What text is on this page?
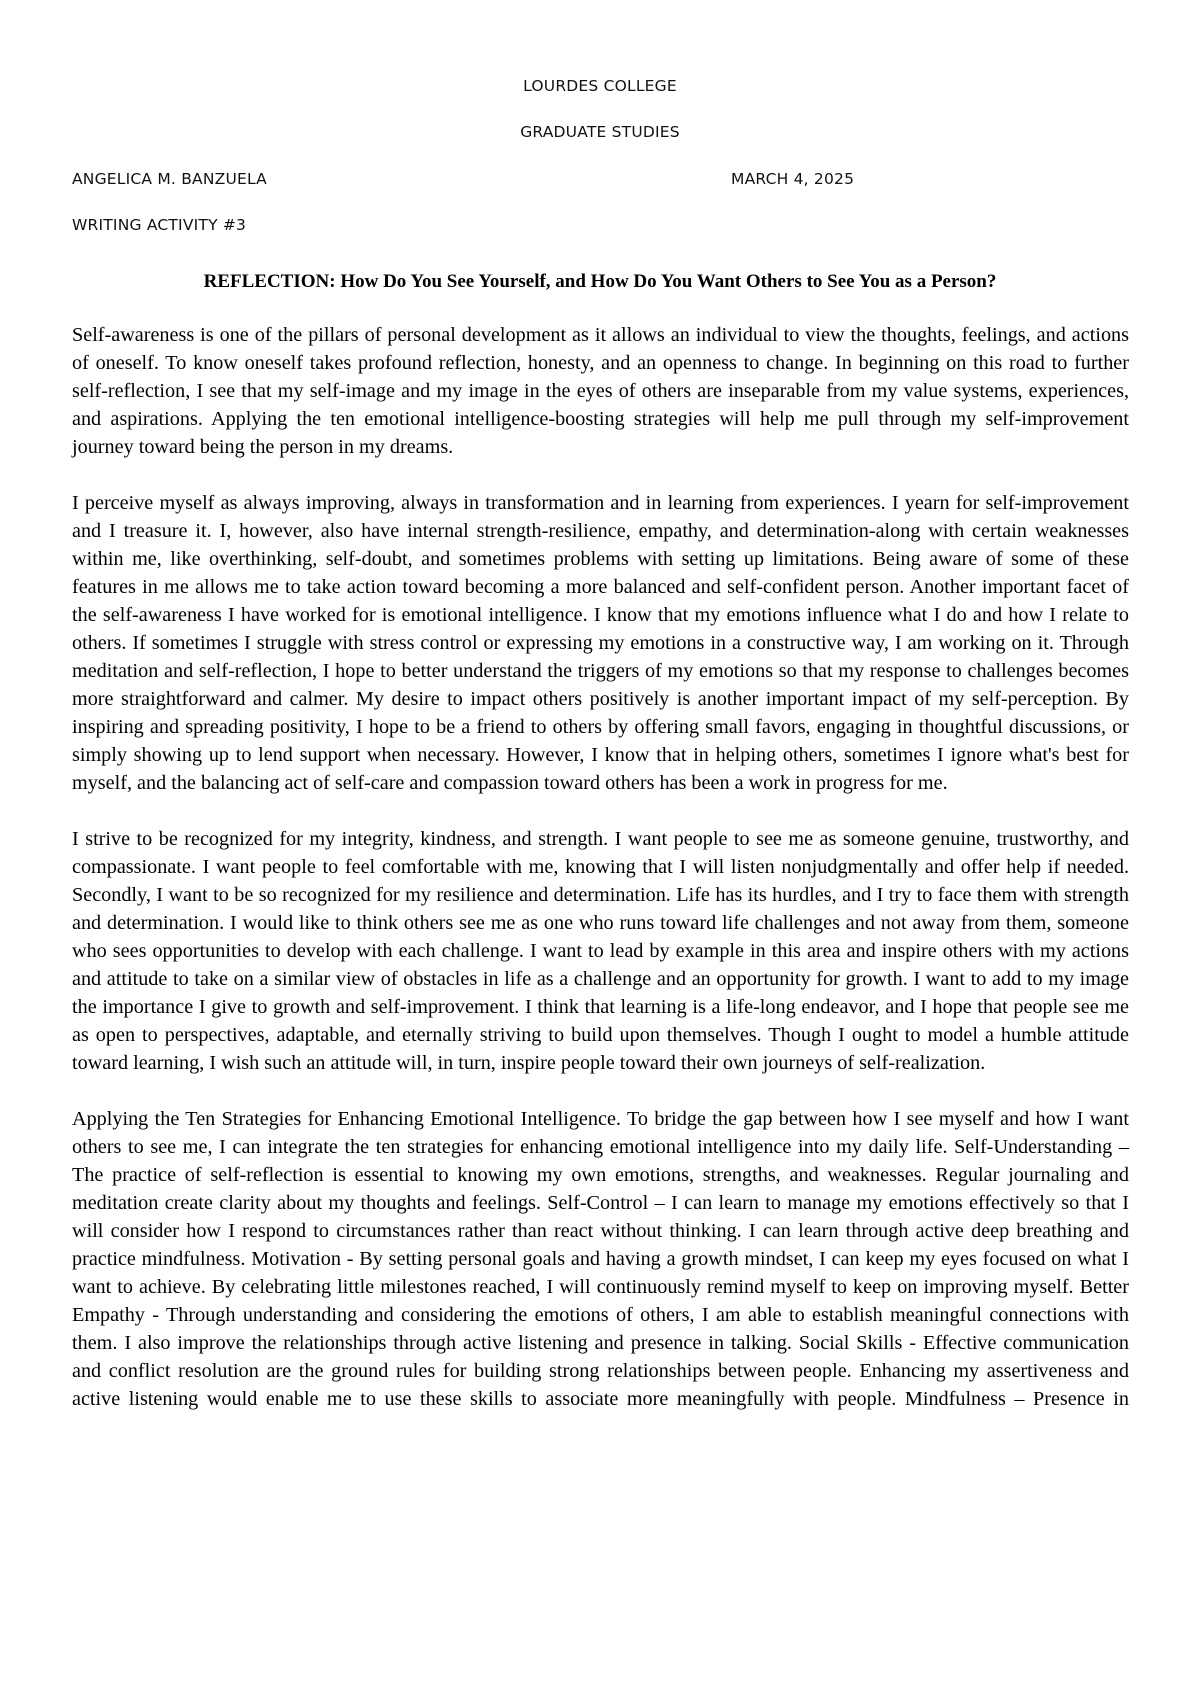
LOURDES COLLEGE
GRADUATE STUDIES
ANGELICA M. BANZUELA	MARCH 4, 2025
WRITING ACTIVITY #3
REFLECTION: How Do You See Yourself, and How Do You Want Others to See You as a Person?

Self-awareness is one of the pillars of personal development as it allows an individual to view the thoughts, feelings, and actions of oneself. To know oneself takes profound reflection, honesty, and an openness to change. In beginning on this road to further self-reflection, I see that my self-image and my image in the eyes of others are inseparable from my value systems, experiences, and aspirations. Applying the ten emotional intelligence-boosting strategies will help me pull through my self-improvement journey toward being the person in my dreams.

I perceive myself as always improving, always in transformation and in learning from experiences. I yearn for self-improvement and I treasure it. I, however, also have internal strength-resilience, empathy, and determination-along with certain weaknesses within me, like overthinking, self-doubt, and sometimes problems with setting up limitations. Being aware of some of these features in me allows me to take action toward becoming a more balanced and self-confident person. Another important facet of the self-awareness I have worked for is emotional intelligence. I know that my emotions influence what I do and how I relate to others. If sometimes I struggle with stress control or expressing my emotions in a constructive way, I am working on it. Through meditation and self-reflection, I hope to better understand the triggers of my emotions so that my response to challenges becomes more straightforward and calmer. My desire to impact others positively is another important impact of my self-perception. By inspiring and spreading positivity, I hope to be a friend to others by offering small favors, engaging in thoughtful discussions, or simply showing up to lend support when necessary. However, I know that in helping others, sometimes I ignore what's best for myself, and the balancing act of self-care and compassion toward others has been a work in progress for me.

I strive to be recognized for my integrity, kindness, and strength. I want people to see me as someone genuine, trustworthy, and compassionate. I want people to feel comfortable with me, knowing that I will listen nonjudgmentally and offer help if needed. Secondly, I want to be so recognized for my resilience and determination. Life has its hurdles, and I try to face them with strength and determination. I would like to think others see me as one who runs toward life challenges and not away from them, someone who sees opportunities to develop with each challenge. I want to lead by example in this area and inspire others with my actions and attitude to take on a similar view of obstacles in life as a challenge and an opportunity for growth. I want to add to my image the importance I give to growth and self-improvement. I think that learning is a life-long endeavor, and I hope that people see me as open to perspectives, adaptable, and eternally striving to build upon themselves. Though I ought to model a humble attitude toward learning, I wish such an attitude will, in turn, inspire people toward their own journeys of self-realization.

Applying the Ten Strategies for Enhancing Emotional Intelligence. To bridge the gap between how I see myself and how I want others to see me, I can integrate the ten strategies for enhancing emotional intelligence into my daily life. Self-Understanding – The practice of self-reflection is essential to knowing my own emotions, strengths, and weaknesses. Regular journaling and meditation create clarity about my thoughts and feelings. Self-Control – I can learn to manage my emotions effectively so that I will consider how I respond to circumstances rather than react without thinking. I can learn through active deep breathing and practice mindfulness. Motivation - By setting personal goals and having a growth mindset, I can keep my eyes focused on what I want to achieve. By celebrating little milestones reached, I will continuously remind myself to keep on improving myself. Better Empathy - Through understanding and considering the emotions of others, I am able to establish meaningful connections with them. I also improve the relationships through active listening and presence in talking. Social Skills - Effective communication and conflict resolution are the ground rules for building strong relationships between people. Enhancing my assertiveness and active listening would enable me to use these skills to associate more meaningfully with people. Mindfulness – Presence in
